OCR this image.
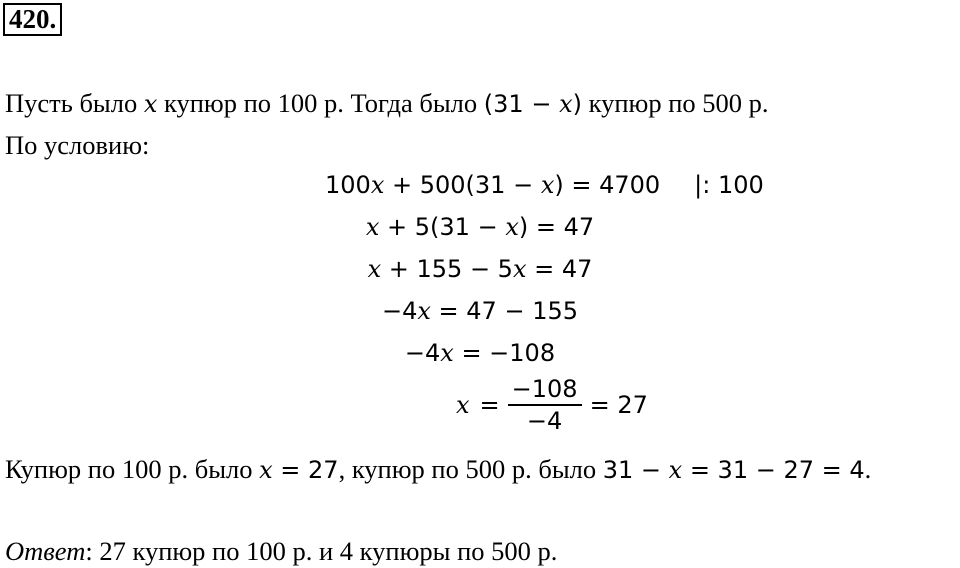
420.
Пусть было x купюр по 100 р. Тогда было (31 − x) купюр по 500 р.
По условию:
100x + 500(31 − x) = 4700 |: 100
x + 5(31 − x) = 47
x + 155 − 5x = 47
−4x = 47 − 155
−4x = −108
$x = \frac{-108}{-4} = 27$
Купюр по 100 р. было x = 27, купюр по 500 р. было 31 − x = 31 − 27 = 4.
Ответ: 27 купюр по 100 р. и 4 купюры по 500 р.
